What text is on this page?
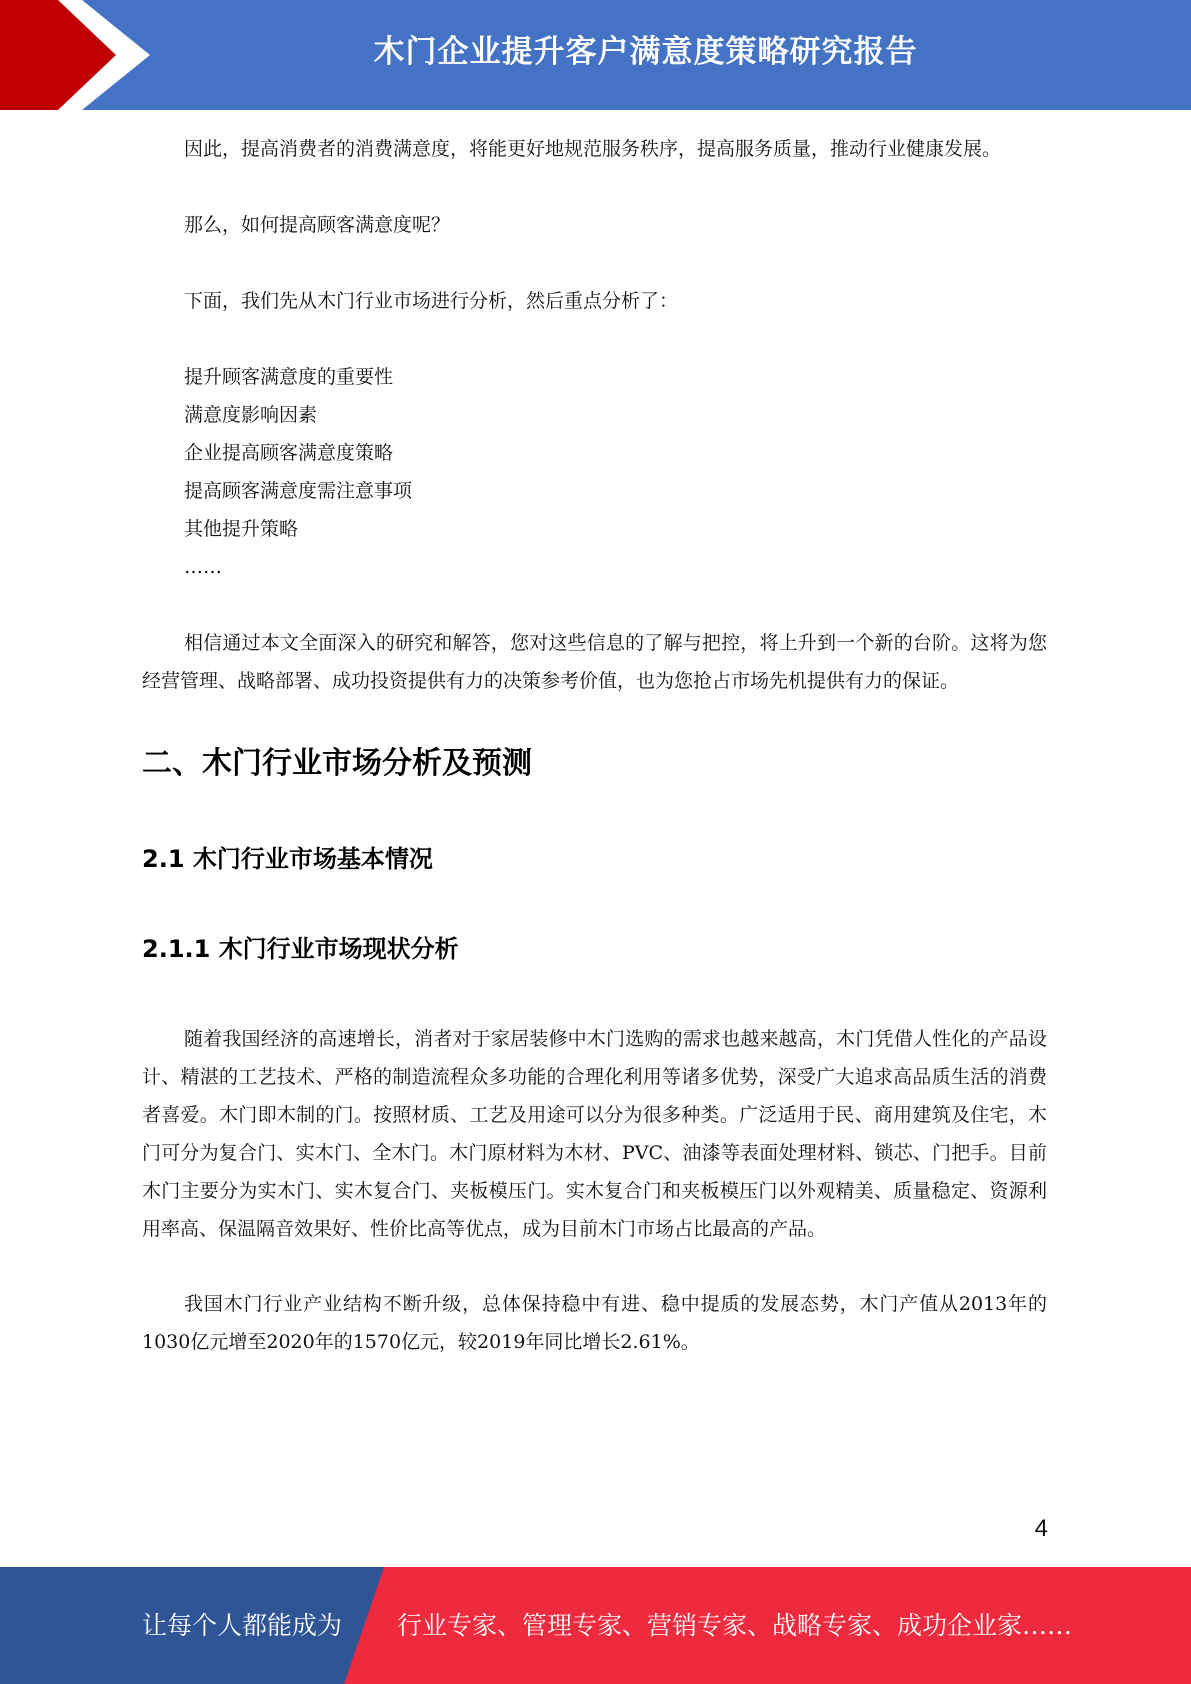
木门企业提升客户满意度策略研究报告

因此，提高消费者的消费满意度，将能更好地规范服务秩序，提高服务质量，推动行业健康发展。

那么，如何提高顾客满意度呢？

下面，我们先从木门行业市场进行分析，然后重点分析了：

提升顾客满意度的重要性
满意度影响因素
企业提高顾客满意度策略
提高顾客满意度需注意事项
其他提升策略
……

相信通过本文全面深入的研究和解答，您对这些信息的了解与把控，将上升到一个新的台阶。这将为您经营管理、战略部署、成功投资提供有力的决策参考价值，也为您抢占市场先机提供有力的保证。

二、木门行业市场分析及预测
2.1 木门行业市场基本情况
2.1.1 木门行业市场现状分析

随着我国经济的高速增长，消者对于家居装修中木门选购的需求也越来越高，木门凭借人性化的产品设计、精湛的工艺技术、严格的制造流程众多功能的合理化利用等诸多优势，深受广大追求高品质生活的消费者喜爱。木门即木制的门。按照材质、工艺及用途可以分为很多种类。广泛适用于民、商用建筑及住宅，木门可分为复合门、实木门、全木门。木门原材料为木材、PVC、油漆等表面处理材料、锁芯、门把手。目前木门主要分为实木门、实木复合门、夹板模压门。实木复合门和夹板模压门以外观精美、质量稳定、资源利用率高、保温隔音效果好、性价比高等优点，成为目前木门市场占比最高的产品。

我国木门行业产业结构不断升级，总体保持稳中有进、稳中提质的发展态势，木门产值从2013年的1030亿元增至2020年的1570亿元，较2019年同比增长2.61%。

4
让每个人都能成为 行业专家、管理专家、营销专家、战略专家、成功企业家……
